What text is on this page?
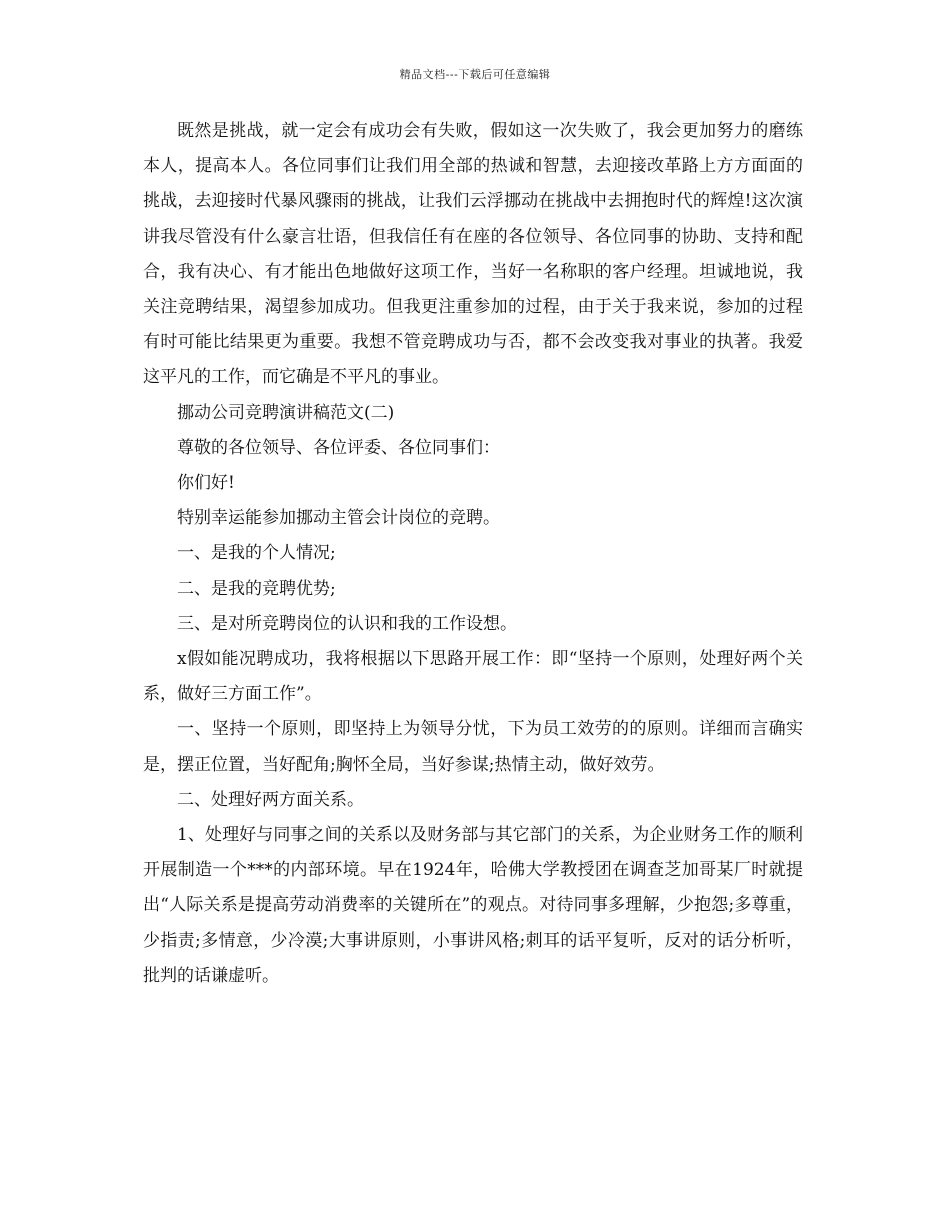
精品文档---下载后可任意编辑

既然是挑战，就一定会有成功会有失败，假如这一次失败了，我会更加努力的磨练本人，提高本人。各位同事们让我们用全部的热诚和智慧，去迎接改革路上方方面面的挑战，去迎接时代暴风骤雨的挑战，让我们云浮挪动在挑战中去拥抱时代的辉煌!这次演讲我尽管没有什么豪言壮语，但我信任有在座的各位领导、各位同事的协助、支持和配合，我有决心、有才能出色地做好这项工作，当好一名称职的客户经理。坦诚地说，我关注竞聘结果，渴望参加成功。但我更注重参加的过程，由于关于我来说，参加的过程有时可能比结果更为重要。我想不管竞聘成功与否，都不会改变我对事业的执著。我爱这平凡的工作，而它确是不平凡的事业。

挪动公司竞聘演讲稿范文(二)

尊敬的各位领导、各位评委、各位同事们：

你们好!

特别幸运能参加挪动主管会计岗位的竞聘。

一、是我的个人情况;

二、是我的竞聘优势;

三、是对所竞聘岗位的认识和我的工作设想。

x假如能况聘成功，我将根据以下思路开展工作：即“坚持一个原则，处理好两个关系，做好三方面工作”。

一、坚持一个原则，即坚持上为领导分忧，下为员工效劳的的原则。详细而言确实是，摆正位置，当好配角;胸怀全局，当好参谋;热情主动，做好效劳。

二、处理好两方面关系。

1、处理好与同事之间的关系以及财务部与其它部门的关系，为企业财务工作的顺利开展制造一个***的内部环境。早在1924年，哈佛大学教授团在调查芝加哥某厂时就提出“人际关系是提高劳动消费率的关键所在”的观点。对待同事多理解，少抱怨;多尊重，少指责;多情意，少冷漠;大事讲原则，小事讲风格;刺耳的话平复听，反对的话分析听，批判的话谦虚听。
